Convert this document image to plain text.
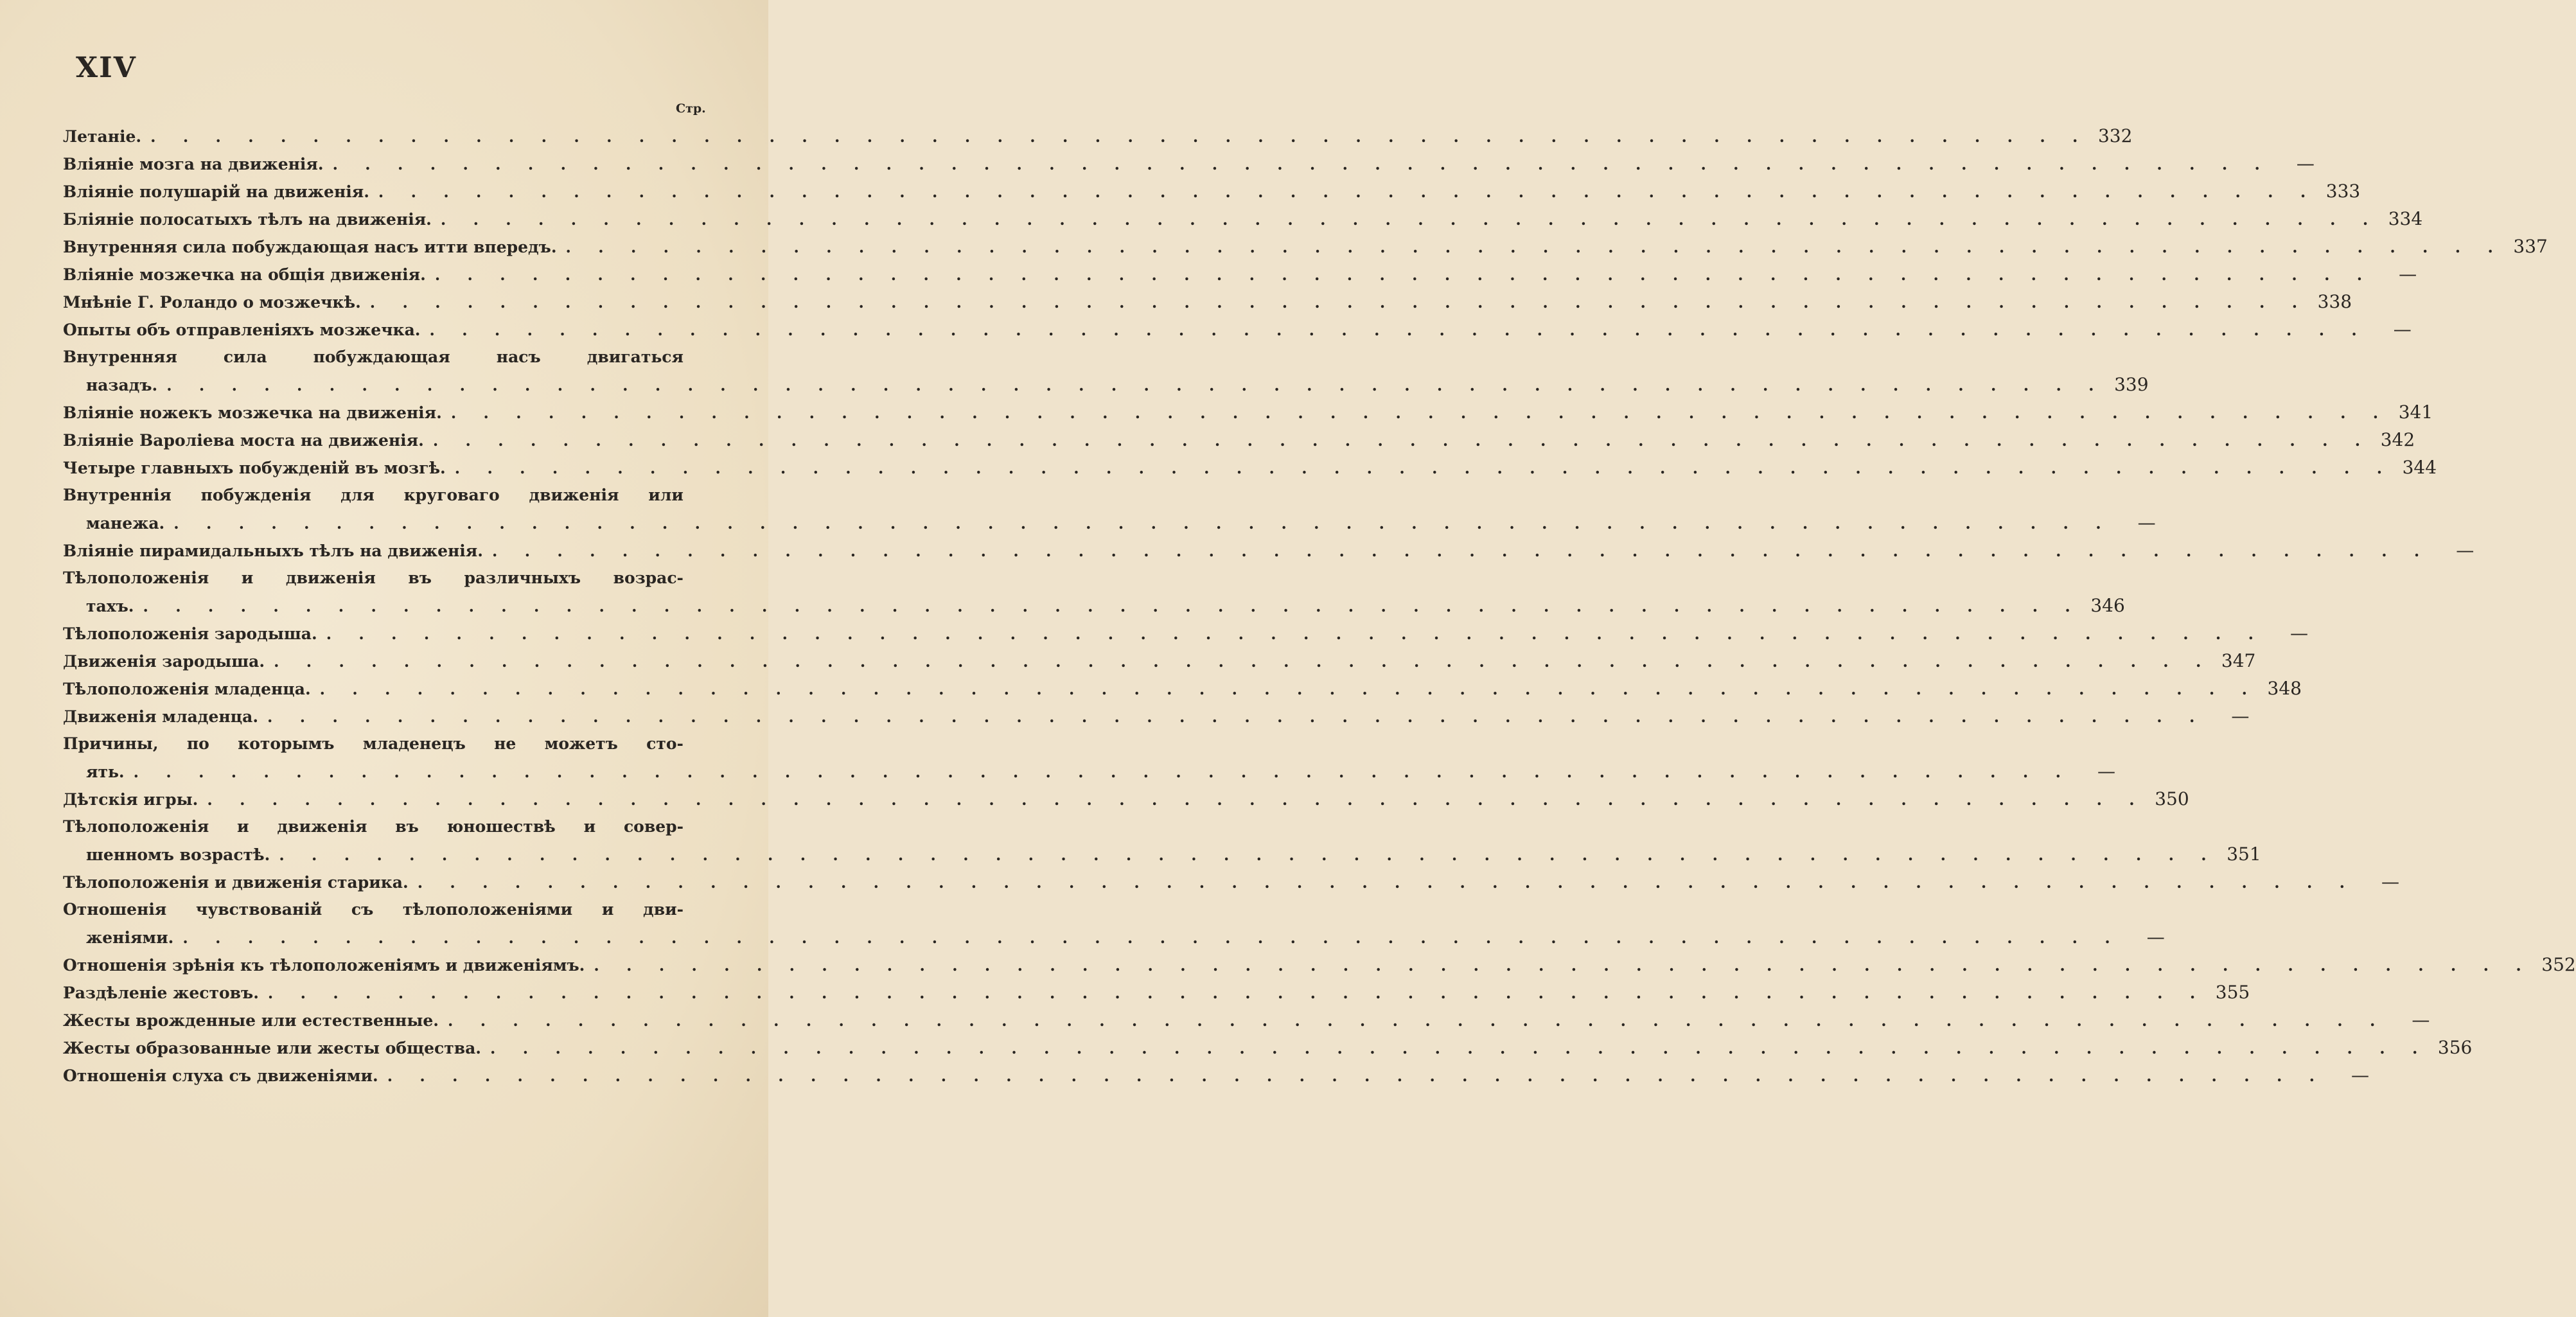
XIV
Стр.
Летаніе. . . . . . . . . . . . . . . . . . . . . . . . . . . . . . . . . . . . . . . . . . . . . . . . . . . . . . . . . . . . . 332
Вліяніе мозга на движенія. . . . . . . . . . . . . . . . . . . . . . . . . . . . . . . . . . . . . . . . . . . . . . . . . . . . . . . . . . . . .	—
Вліяніе полушарій на движенія. . . . . . . . . . . . . . . . . . . . . . . . . . . . . . . . . . . . . . . . . . . . . . . . . . . . . . . . . . . . . 333
Бліяніе полосатыхъ тѣлъ на движенія. . . . . . . . . . . . . . . . . . . . . . . . . . . . . . . . . . . . . . . . . . . . . . . . . . . . . . . . . . . . . 334
Внутренняя сила побуждающая насъ итти впередъ. . . . . . . . . . . . . . . . . . . . . . . . . . . . . . . . . . . . . . . . . . . . . . . . . . . . . . . . . . . . . 337
Вліяніе мозжечка на общія движенія. . . . . . . . . . . . . . . . . . . . . . . . . . . . . . . . . . . . . . . . . . . . . . . . . . . . . . . . . . . . .	—
Мнѣніе Г. Роландо о мозжечкѣ. . . . . . . . . . . . . . . . . . . . . . . . . . . . . . . . . . . . . . . . . . . . . . . . . . . . . . . . . . . . . 338
Опыты объ отправленіяхъ мозжечка. . . . . . . . . . . . . . . . . . . . . . . . . . . . . . . . . . . . . . . . . . . . . . . . . . . . . . . . . . . . .	—
Внутренняя	сила	побуждающая	насъ	двигаться
назадъ. . . . . . . . . . . . . . . . . . . . . . . . . . . . . . . . . . . . . . . . . . . . . . . . . . . . . . . . . . . . . 339
Вліяніе ножекъ мозжечка на движенія. . . . . . . . . . . . . . . . . . . . . . . . . . . . . . . . . . . . . . . . . . . . . . . . . . . . . . . . . . . . . 341
Вліяніе Вароліева моста на движенія. . . . . . . . . . . . . . . . . . . . . . . . . . . . . . . . . . . . . . . . . . . . . . . . . . . . . . . . . . . . . 342
Четыре главныхъ побужденій въ мозгѣ. . . . . . . . . . . . . . . . . . . . . . . . . . . . . . . . . . . . . . . . . . . . . . . . . . . . . . . . . . . . . 344
Внутреннія побужденія для круговаго движенія или
манежа. . . . . . . . . . . . . . . . . . . . . . . . . . . . . . . . . . . . . . . . . . . . . . . . . . . . . . . . . . . . .	—
Вліяніе пирамидальныхъ тѣлъ на движенія. . . . . . . . . . . . . . . . . . . . . . . . . . . . . . . . . . . . . . . . . . . . . . . . . . . . . . . . . . . . .	—
Тѣлоположенія и движенія въ различныхъ возрас-
тахъ. . . . . . . . . . . . . . . . . . . . . . . . . . . . . . . . . . . . . . . . . . . . . . . . . . . . . . . . . . . . . 346
Тѣлоположенія зародыша. . . . . . . . . . . . . . . . . . . . . . . . . . . . . . . . . . . . . . . . . . . . . . . . . . . . . . . . . . . . .	—
Движенія зародыша. . . . . . . . . . . . . . . . . . . . . . . . . . . . . . . . . . . . . . . . . . . . . . . . . . . . . . . . . . . . . 347
Тѣлоположенія младенца. . . . . . . . . . . . . . . . . . . . . . . . . . . . . . . . . . . . . . . . . . . . . . . . . . . . . . . . . . . . . 348
Движенія младенца. . . . . . . . . . . . . . . . . . . . . . . . . . . . . . . . . . . . . . . . . . . . . . . . . . . . . . . . . . . . .	—
Причины, по которымъ младенецъ не можетъ сто-
ять. . . . . . . . . . . . . . . . . . . . . . . . . . . . . . . . . . . . . . . . . . . . . . . . . . . . . . . . . . . . .	—
Дѣтскія игры. . . . . . . . . . . . . . . . . . . . . . . . . . . . . . . . . . . . . . . . . . . . . . . . . . . . . . . . . . . . . 350
Тѣлоположенія и движенія въ юношествѣ и совер-
шенномъ возрастѣ. . . . . . . . . . . . . . . . . . . . . . . . . . . . . . . . . . . . . . . . . . . . . . . . . . . . . . . . . . . . . 351
Тѣлоположенія и движенія старика. . . . . . . . . . . . . . . . . . . . . . . . . . . . . . . . . . . . . . . . . . . . . . . . . . . . . . . . . . . . .	—
Отношенія чувствованій съ тѣлоположеніями и дви-
женіями. . . . . . . . . . . . . . . . . . . . . . . . . . . . . . . . . . . . . . . . . . . . . . . . . . . . . . . . . . . . .	—
Отношенія зрѣнія къ тѣлоположеніямъ и движеніямъ. . . . . . . . . . . . . . . . . . . . . . . . . . . . . . . . . . . . . . . . . . . . . . . . . . . . . . . . . . . . . 352
Раздѣленіе жестовъ. . . . . . . . . . . . . . . . . . . . . . . . . . . . . . . . . . . . . . . . . . . . . . . . . . . . . . . . . . . . . 355
Жесты врожденные или естественные. . . . . . . . . . . . . . . . . . . . . . . . . . . . . . . . . . . . . . . . . . . . . . . . . . . . . . . . . . . . .	—
Жесты образованные или жесты общества. . . . . . . . . . . . . . . . . . . . . . . . . . . . . . . . . . . . . . . . . . . . . . . . . . . . . . . . . . . . . 356
Отношенія слуха съ движеніями. . . . . . . . . . . . . . . . . . . . . . . . . . . . . . . . . . . . . . . . . . . . . . . . . . . . . . . . . . . . .	—
